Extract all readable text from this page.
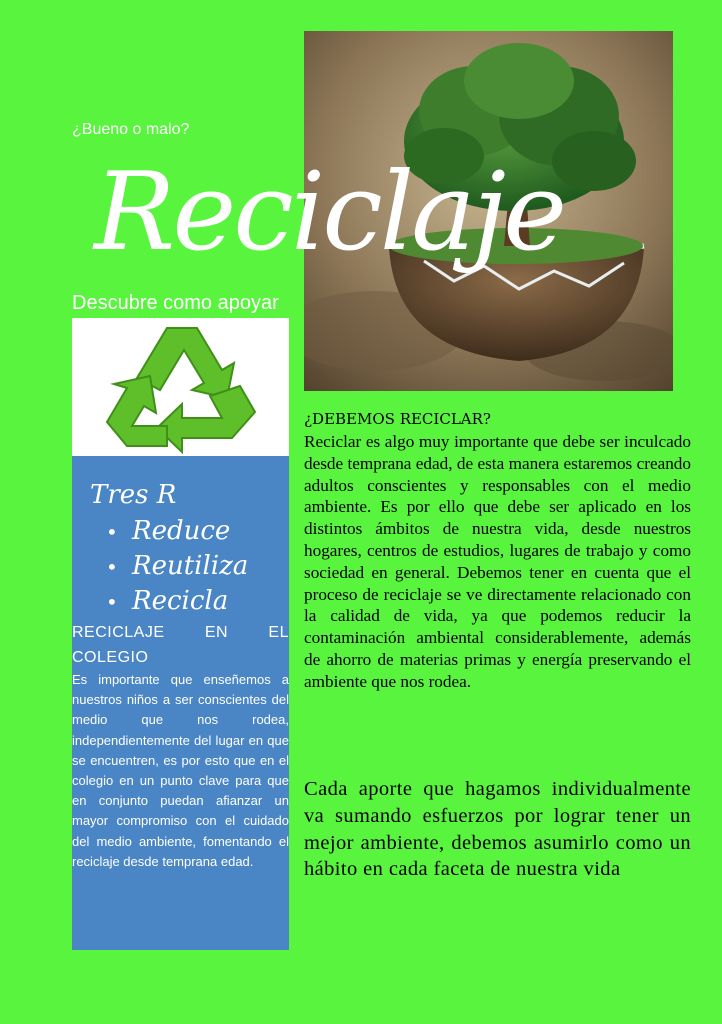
¿Bueno o malo?
Reciclaje
Descubre como apoyar
Tres R
• Reduce
• Reutiliza
• Recicla
RECICLAJE EN EL
COLEGIO

Es importante que enseñemos a nuestros niños a ser conscientes del medio que nos rodea, independientemente del lugar en que se encuentren, es por esto que en el colegio en un punto clave para que en conjunto puedan afianzar un mayor compromiso con el cuidado del medio ambiente, fomentando el reciclaje desde temprana edad.

¿DEBEMOS RECICLAR?

Reciclar es algo muy importante que debe ser inculcado desde temprana edad, de esta manera estaremos creando adultos conscientes y responsables con el medio ambiente. Es por ello que debe ser aplicado en los distintos ámbitos de nuestra vida, desde nuestros hogares, centros de estudios, lugares de trabajo y como sociedad en general. Debemos tener en cuenta que el proceso de reciclaje se ve directamente relacionado con la calidad de vida, ya que podemos reducir la contaminación ambiental considerablemente, además de ahorro de materias primas y energía preservando el ambiente que nos rodea.

Cada aporte que hagamos individualmente va sumando esfuerzos por lograr tener un mejor ambiente, debemos asumirlo como un hábito en cada faceta de nuestra vida
